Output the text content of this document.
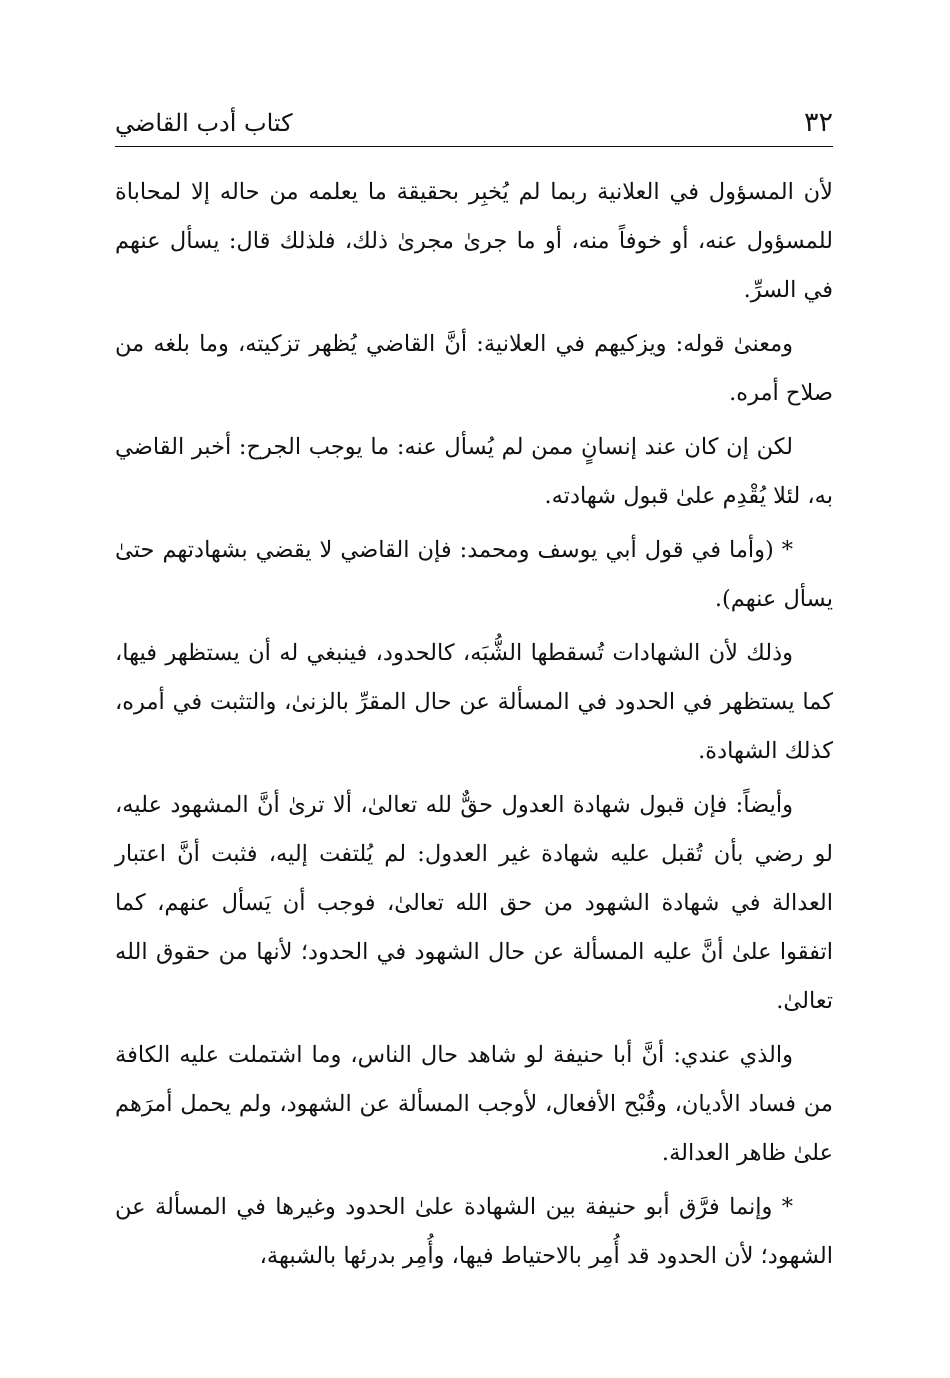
٣٢
كتاب أدب القاضي

لأن المسؤول في العلانية ربما لم يُخبِر بحقيقة ما يعلمه من حاله إلا لمحاباة للمسؤول عنه، أو خوفاً منه، أو ما جرىٰ مجرىٰ ذلك، فلذلك قال: يسأل عنهم في السرِّ.

ومعنىٰ قوله: ويزكيهم في العلانية: أنَّ القاضي يُظهر تزكيته، وما بلغه من صلاح أمره.

لكن إن كان عند إنسانٍ ممن لم يُسأل عنه: ما يوجب الجرح: أخبر القاضي به، لئلا يُقْدِم علىٰ قبول شهادته.

* (وأما في قول أبي يوسف ومحمد: فإن القاضي لا يقضي بشهادتهم حتىٰ يسأل عنهم).

وذلك لأن الشهادات تُسقطها الشُّبَه، كالحدود، فينبغي له أن يستظهر فيها، كما يستظهر في الحدود في المسألة عن حال المقرِّ بالزنىٰ، والتثبت في أمره، كذلك الشهادة.

وأيضاً: فإن قبول شهادة العدول حقٌّ لله تعالىٰ، ألا ترىٰ أنَّ المشهود عليه، لو رضي بأن تُقبل عليه شهادة غير العدول: لم يُلتفت إليه، فثبت أنَّ اعتبار العدالة في شهادة الشهود من حق الله تعالىٰ، فوجب أن يَسأل عنهم، كما اتفقوا علىٰ أنَّ عليه المسألة عن حال الشهود في الحدود؛ لأنها من حقوق الله تعالىٰ.

والذي عندي: أنَّ أبا حنيفة لو شاهد حال الناس، وما اشتملت عليه الكافة من فساد الأديان، وقُبْح الأفعال، لأوجب المسألة عن الشهود، ولم يحمل أمرَهم علىٰ ظاهر العدالة.

* وإنما فرَّق أبو حنيفة بين الشهادة علىٰ الحدود وغيرها في المسألة عن الشهود؛ لأن الحدود قد أُمِر بالاحتياط فيها، وأُمِر بدرئها بالشبهة،
